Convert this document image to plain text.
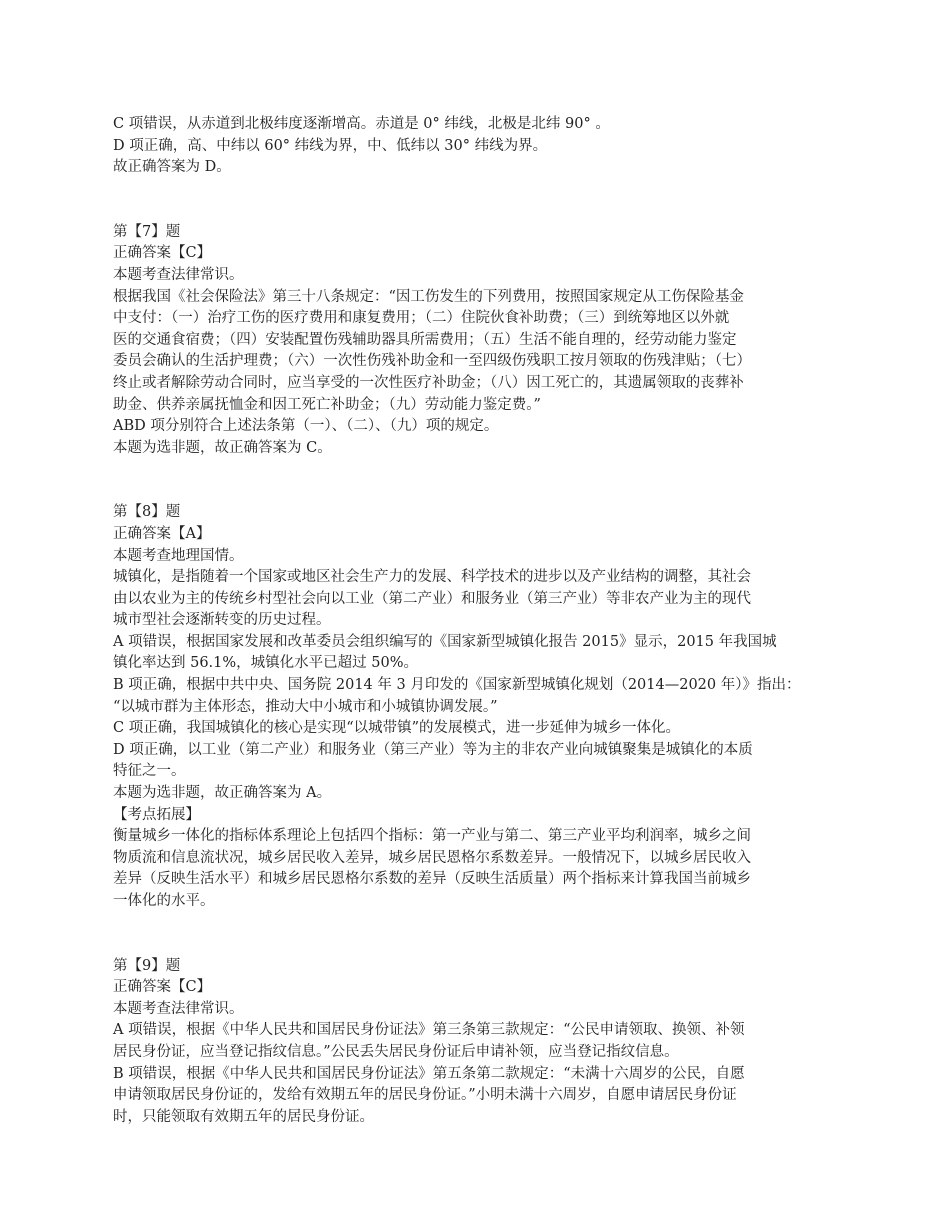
C 项错误，从赤道到北极纬度逐渐增高。赤道是 0° 纬线，北极是北纬 90° 。
D 项正确，高、中纬以 60° 纬线为界，中、低纬以 30° 纬线为界。
故正确答案为 D。
第【7】题
正确答案【C】
本题考查法律常识。
根据我国《社会保险法》第三十八条规定：“因工伤发生的下列费用，按照国家规定从工伤保险基金
中支付：（一）治疗工伤的医疗费用和康复费用；（二）住院伙食补助费；（三）到统筹地区以外就
医的交通食宿费；（四）安装配置伤残辅助器具所需费用；（五）生活不能自理的，经劳动能力鉴定
委员会确认的生活护理费；（六）一次性伤残补助金和一至四级伤残职工按月领取的伤残津贴；（七）
终止或者解除劳动合同时，应当享受的一次性医疗补助金；（八）因工死亡的，其遗属领取的丧葬补
助金、供养亲属抚恤金和因工死亡补助金；（九）劳动能力鉴定费。”
ABD 项分别符合上述法条第（一）、（二）、（九）项的规定。
本题为选非题，故正确答案为 C。
第【8】题
正确答案【A】
本题考查地理国情。
城镇化，是指随着一个国家或地区社会生产力的发展、科学技术的进步以及产业结构的调整，其社会
由以农业为主的传统乡村型社会向以工业（第二产业）和服务业（第三产业）等非农产业为主的现代
城市型社会逐渐转变的历史过程。
A 项错误，根据国家发展和改革委员会组织编写的《国家新型城镇化报告 2015》显示，2015 年我国城
镇化率达到 56.1%，城镇化水平已超过 50%。
B 项正确，根据中共中央、国务院 2014 年 3 月印发的《国家新型城镇化规划（2014—2020 年）》指出：
“以城市群为主体形态，推动大中小城市和小城镇协调发展。”
C 项正确，我国城镇化的核心是实现“以城带镇”的发展模式，进一步延伸为城乡一体化。
D 项正确，以工业（第二产业）和服务业（第三产业）等为主的非农产业向城镇聚集是城镇化的本质
特征之一。
本题为选非题，故正确答案为 A。
【考点拓展】
衡量城乡一体化的指标体系理论上包括四个指标：第一产业与第二、第三产业平均利润率，城乡之间
物质流和信息流状况，城乡居民收入差异，城乡居民恩格尔系数差异。一般情况下，以城乡居民收入
差异（反映生活水平）和城乡居民恩格尔系数的差异（反映生活质量）两个指标来计算我国当前城乡
一体化的水平。
第【9】题
正确答案【C】
本题考查法律常识。
A 项错误，根据《中华人民共和国居民身份证法》第三条第三款规定：“公民申请领取、换领、补领
居民身份证，应当登记指纹信息。”公民丢失居民身份证后申请补领，应当登记指纹信息。
B 项错误，根据《中华人民共和国居民身份证法》第五条第二款规定：“未满十六周岁的公民，自愿
申请领取居民身份证的，发给有效期五年的居民身份证。”小明未满十六周岁，自愿申请居民身份证
时，只能领取有效期五年的居民身份证。
